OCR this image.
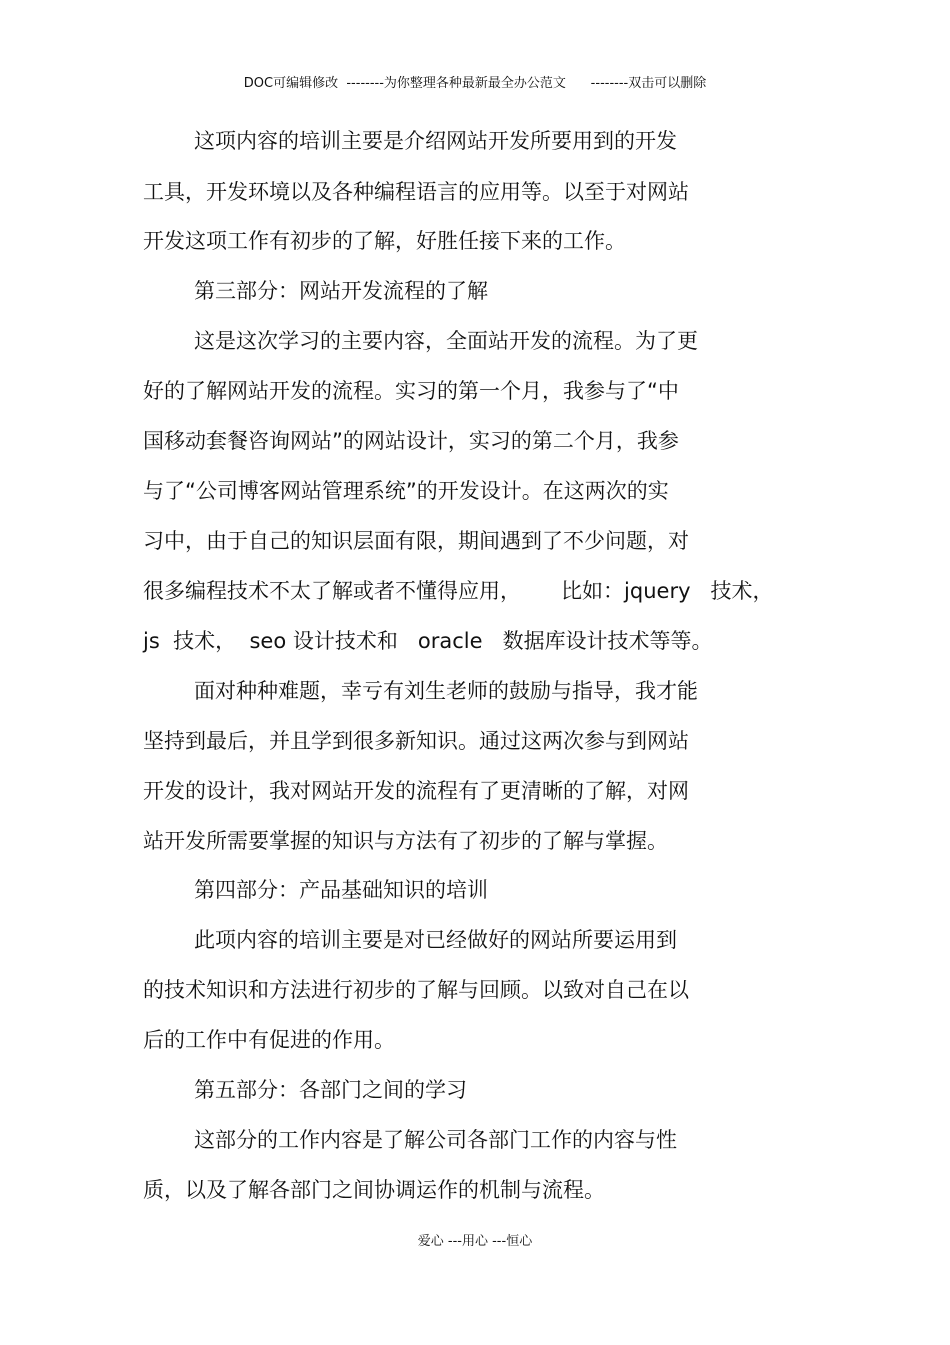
DOC可编辑修改  --------为你整理各种最新最全办公范文      --------双击可以删除
这项内容的培训主要是介绍网站开发所要用到的开发
工具，开发环境以及各种编程语言的应用等。以至于对网站
开发这项工作有初步的了解，好胜任接下来的工作。
第三部分：网站开发流程的了解
这是这次学习的主要内容，全面站开发的流程。为了更
好的了解网站开发的流程。实习的第一个月，我参与了“中
国移动套餐咨询网站”的网站设计，实习的第二个月，我参
与了“公司博客网站管理系统”的开发设计。在这两次的实
习中，由于自己的知识层面有限，期间遇到了不少问题，对
很多编程技术不太了解或者不懂得应用，      比如：jquery   技术，
js  技术，  seo 设计技术和   oracle   数据库设计技术等等。
面对种种难题，幸亏有刘生老师的鼓励与指导，我才能
坚持到最后，并且学到很多新知识。通过这两次参与到网站
开发的设计，我对网站开发的流程有了更清晰的了解，对网
站开发所需要掌握的知识与方法有了初步的了解与掌握。
第四部分：产品基础知识的培训
此项内容的培训主要是对已经做好的网站所要运用到
的技术知识和方法进行初步的了解与回顾。以致对自己在以
后的工作中有促进的作用。
第五部分：各部门之间的学习
这部分的工作内容是了解公司各部门工作的内容与性
质，以及了解各部门之间协调运作的机制与流程。
爱心 ---用心 ---恒心
